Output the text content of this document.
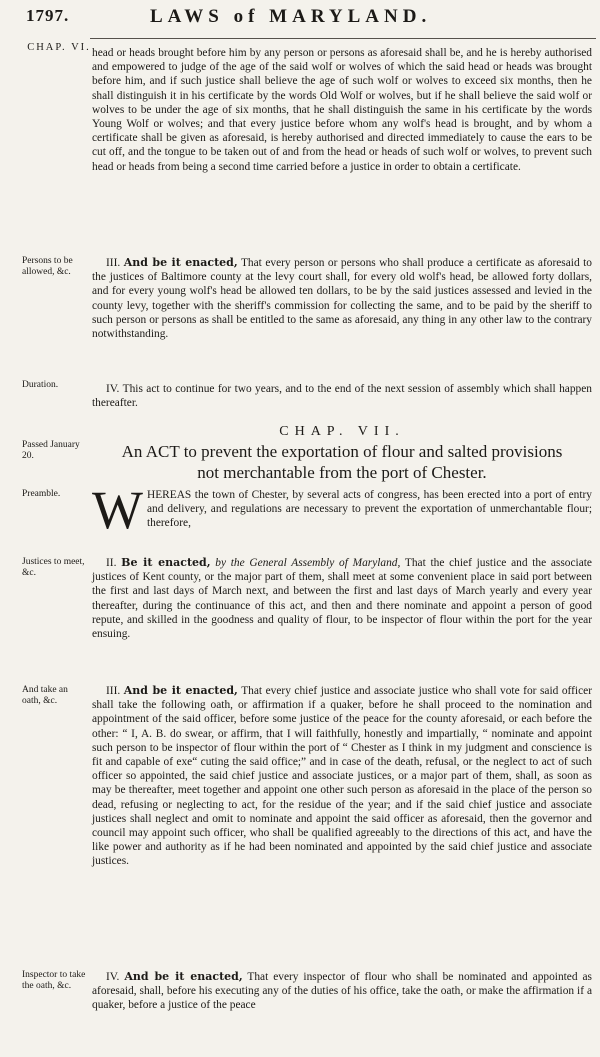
1797.	LAWS of MARYLAND.
CHAP. VI.
Persons to be allowed, &c.
Duration.
Passed January 20.
Preamble.
Justices to meet, &c.
And take an oath, &c.
Inspector to take the oath, &c.

head or heads brought before him by any person or persons as aforesaid shall be, and he is hereby authorised and empowered to judge of the age of the said wolf or wolves of which the said head or heads was brought before him, and if such justice shall believe the age of such wolf or wolves to exceed six months, then he shall distinguish it in his certificate by the words Old Wolf or wolves, but if he shall believe the said wolf or wolves to be under the age of six months, that he shall distinguish the same in his certificate by the words Young Wolf or wolves; and that every justice before whom any wolf's head is brought, and by whom a certificate shall be given as aforesaid, is hereby authorised and directed immediately to cause the ears to be cut off, and the tongue to be taken out of and from the head or heads of such wolf or wolves, to prevent such head or heads from being a second time carried before a justice in order to obtain a certificate.

III. And be it enacted, That every person or persons who shall produce a certificate as aforesaid to the justices of Baltimore county at the levy court shall, for every old wolf's head, be allowed forty dollars, and for every young wolf's head be allowed ten dollars, to be by the said justices assessed and levied in the county levy, together with the sheriff's commission for collecting the same, and to be paid by the sheriff to such person or persons as shall be entitled to the same as aforesaid, any thing in any other law to the contrary notwithstanding.

IV. This act to continue for two years, and to the end of the next session of assembly which shall happen thereafter.

CHAP. VII.
An ACT to prevent the exportation of flour and salted provisions
not merchantable from the port of Chester.

W HEREAS the town of Chester, by several acts of congress, has been erected into a port of entry and delivery, and regulations are necessary to prevent the exportation of unmerchantable flour; therefore,

II. Be it enacted, by the General Assembly of Maryland, That the chief justice and the associate justices of Kent county, or the major part of them, shall meet at some convenient place in said port between the first and last days of March next, and between the first and last days of March yearly and every year thereafter, during the continuance of this act, and then and there nominate and appoint a person of good repute, and skilled in the goodness and quality of flour, to be inspector of flour within the port for the year ensuing.

III. And be it enacted, That every chief justice and associate justice who shall vote for said officer shall take the following oath, or affirmation if a quaker, before he shall proceed to the nomination and appointment of the said officer, before some justice of the peace for the county aforesaid, or each before the other: “ I, A. B. do swear, or affirm, that I will faithfully, honestly and impartially, “ nominate and appoint such person to be inspector of flour within the port of “ Chester as I think in my judgment and conscience is fit and capable of exe“ cuting the said office;” and in case of the death, refusal, or the neglect to act of such officer so appointed, the said chief justice and associate justices, or a major part of them, shall, as soon as may be thereafter, meet together and appoint one other such person as aforesaid in the place of the person so dead, refusing or neglecting to act, for the residue of the year; and if the said chief justice and associate justices shall neglect and omit to nominate and appoint the said officer as aforesaid, then the governor and council may appoint such officer, who shall be qualified agreeably to the directions of this act, and have the like power and authority as if he had been nominated and appointed by the said chief justice and associate justices.

IV. And be it enacted, That every inspector of flour who shall be nominated and appointed as aforesaid, shall, before his executing any of the duties of his office, take the oath, or make the affirmation if a quaker, before a justice of the peace
